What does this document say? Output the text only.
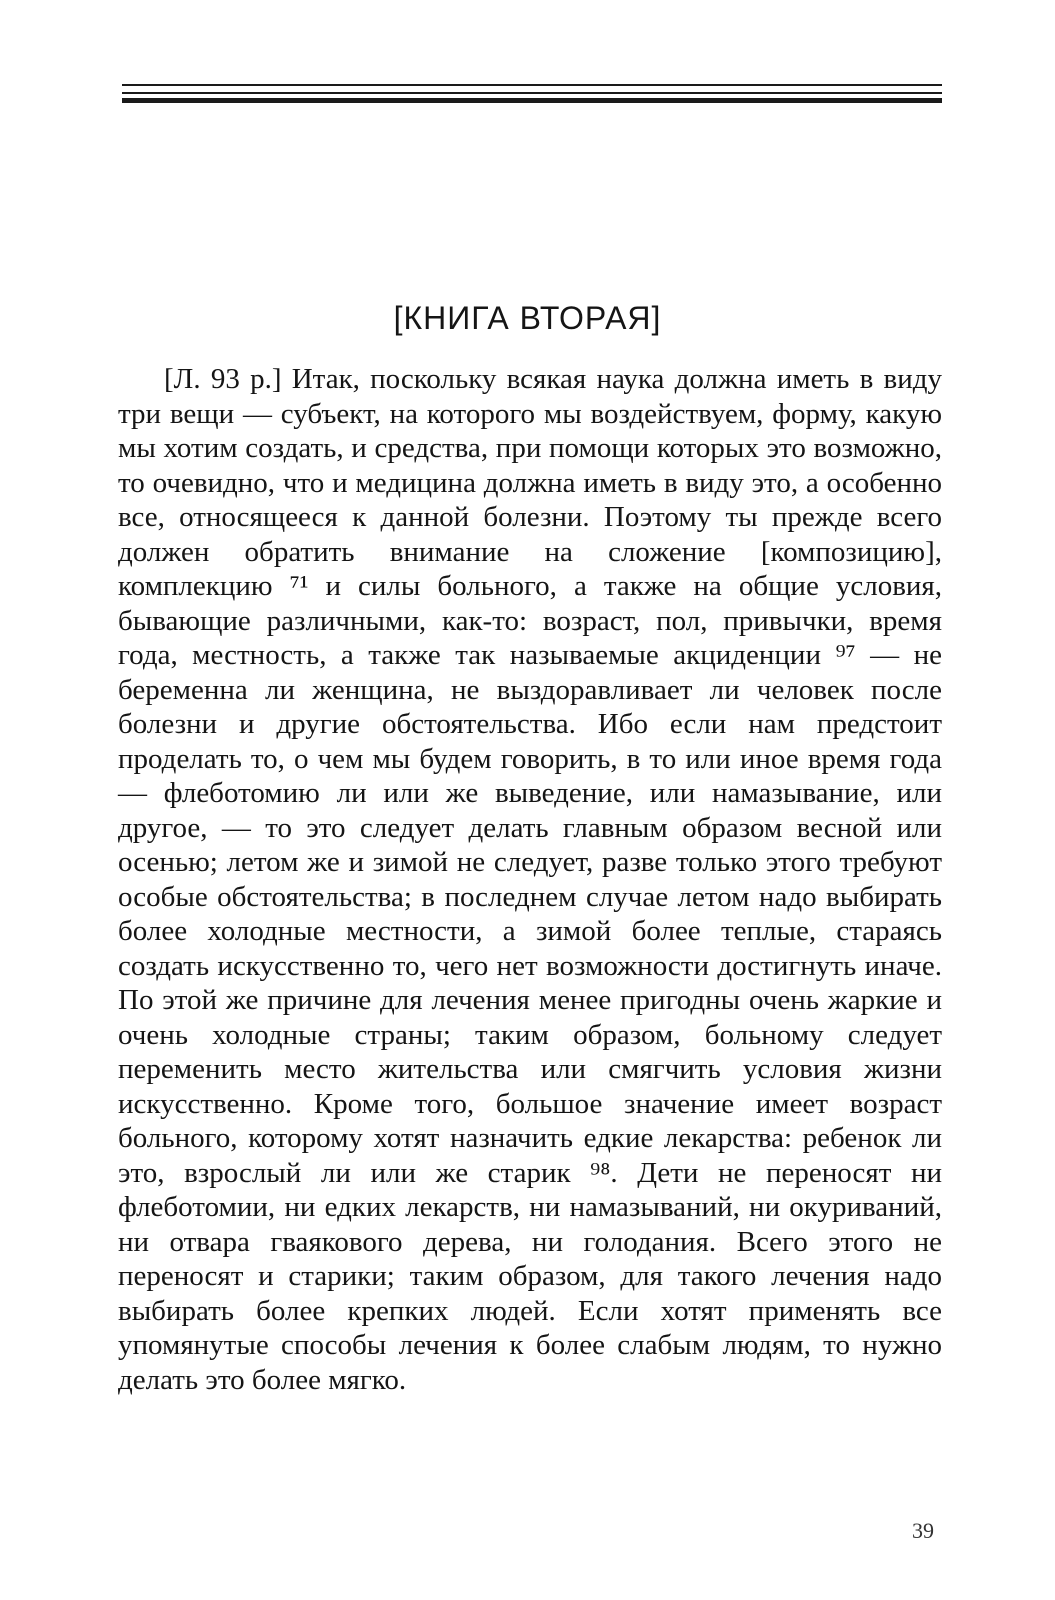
[КНИГА ВТОРАЯ]

[Л. 93 р.] Итак, поскольку всякая наука должна иметь в виду три вещи — субъект, на которого мы воздействуем, форму, какую мы хотим создать, и средства, при помощи которых это возможно, то очевидно, что и медицина должна иметь в виду это, а особенно все, относящееся к данной болезни. Поэтому ты прежде всего должен обратить внимание на сложение [композицию], комплекцию ⁷¹ и силы больного, а также на общие условия, бывающие различными, как-то: возраст, пол, привычки, время года, местность, а также так называемые акциденции ⁹⁷ — не беременна ли женщина, не выздоравливает ли человек после болезни и другие обстоятельства. Ибо если нам предстоит проделать то, о чем мы будем говорить, в то или иное время года — флеботомию ли или же выведение, или намазывание, или другое, — то это следует делать главным образом весной или осенью; летом же и зимой не следует, разве только этого требуют особые обстоятельства; в последнем случае летом надо выбирать более холодные местности, а зимой более теплые, стараясь создать искусственно то, чего нет возможности достигнуть иначе. По этой же причине для лечения менее пригодны очень жаркие и очень холодные страны; таким образом, больному следует переменить место жительства или смягчить условия жизни искусственно. Кроме того, большое значение имеет возраст больного, которому хотят назначить едкие лекарства: ребенок ли это, взрослый ли или же старик ⁹⁸. Дети не переносят ни флеботомии, ни едких лекарств, ни намазываний, ни окуриваний, ни отвара гваякового дерева, ни голодания. Всего этого не переносят и старики; таким образом, для такого лечения надо выбирать более крепких людей. Если хотят применять все упомянутые способы лечения к более слабым людям, то нужно делать это более мягко.

39
